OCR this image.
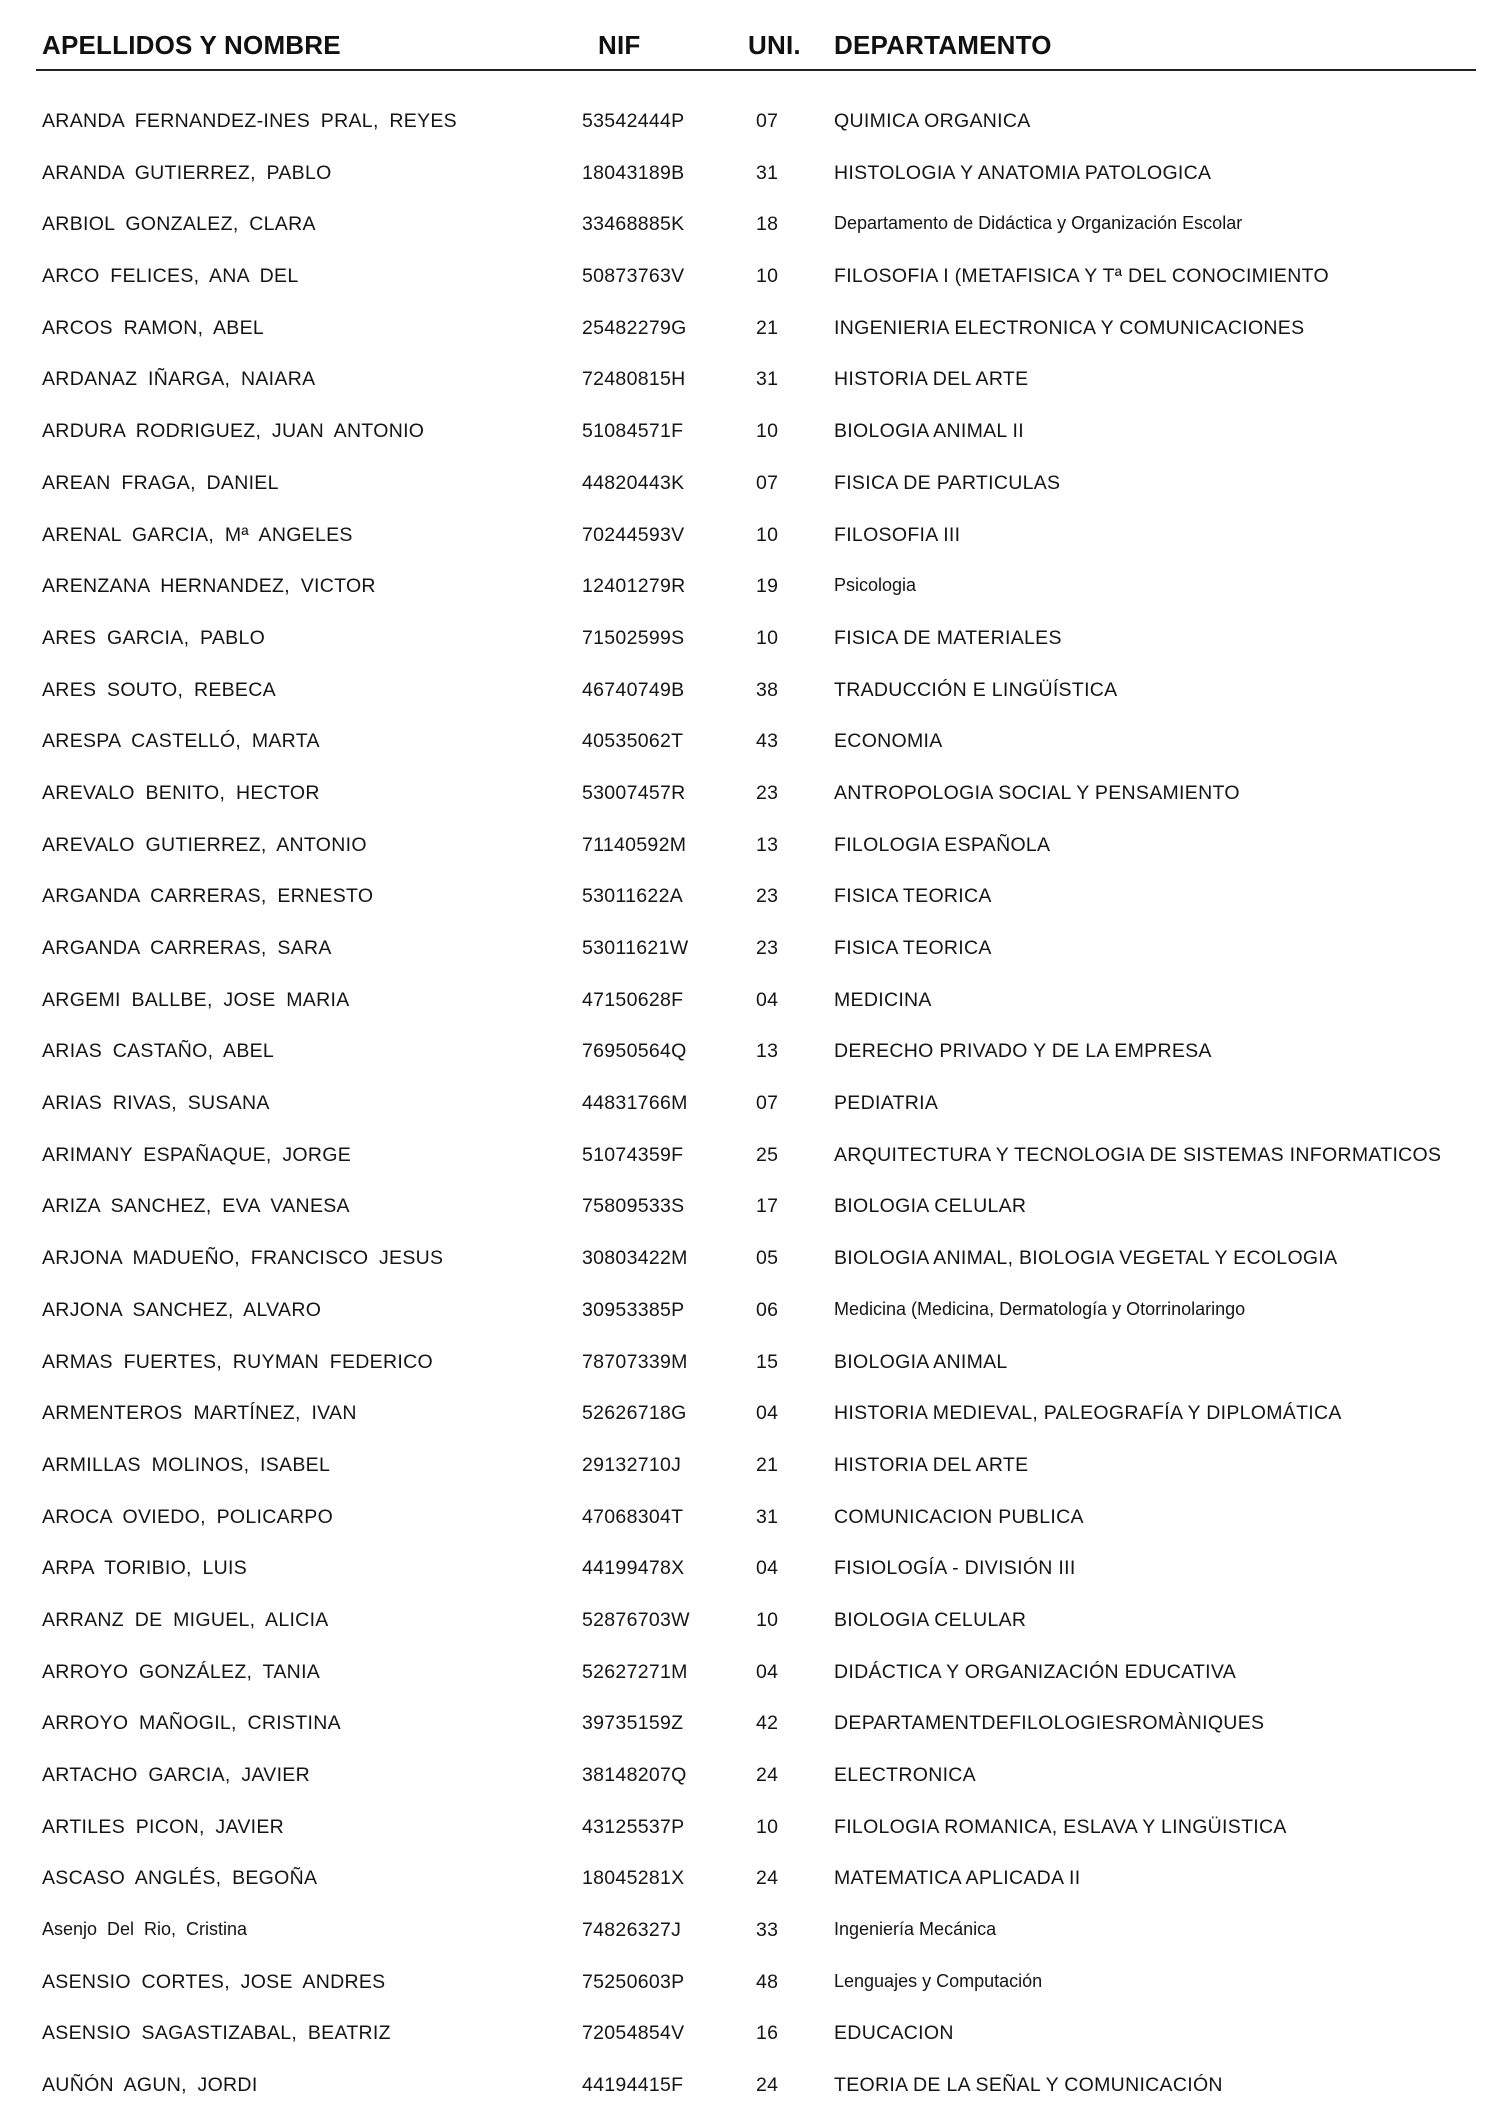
APELLIDOS Y NOMBRE	NIF	UNI. DEPARTAMENTO
ARANDA FERNANDEZ-INES PRAL, REYES	53542444P	07	QUIMICA ORGANICA
ARANDA GUTIERREZ, PABLO	18043189B	31	HISTOLOGIA Y ANATOMIA PATOLOGICA
ARBIOL GONZALEZ, CLARA	33468885K	18	Departamento de Didáctica y Organización Escolar
ARCO FELICES, ANA DEL	50873763V	10	FILOSOFIA I (METAFISICA Y Tª DEL CONOCIMIENTO
ARCOS RAMON, ABEL	25482279G	21	INGENIERIA ELECTRONICA Y COMUNICACIONES
ARDANAZ IÑARGA, NAIARA	72480815H	31	HISTORIA DEL ARTE
ARDURA RODRIGUEZ, JUAN ANTONIO	51084571F	10	BIOLOGIA ANIMAL II
AREAN FRAGA, DANIEL	44820443K	07	FISICA DE PARTICULAS
ARENAL GARCIA, Mª ANGELES	70244593V	10	FILOSOFIA III
ARENZANA HERNANDEZ, VICTOR	12401279R	19	Psicologia
ARES GARCIA, PABLO	71502599S	10	FISICA DE MATERIALES
ARES SOUTO, REBECA	46740749B	38	TRADUCCIÓN E LINGÜÍSTICA
ARESPA CASTELLÓ, MARTA	40535062T	43	ECONOMIA
AREVALO BENITO, HECTOR	53007457R	23	ANTROPOLOGIA SOCIAL Y PENSAMIENTO
AREVALO GUTIERREZ, ANTONIO	71140592M	13	FILOLOGIA ESPAÑOLA
ARGANDA CARRERAS, ERNESTO	53011622A	23	FISICA TEORICA
ARGANDA CARRERAS, SARA	53011621W	23	FISICA TEORICA
ARGEMI BALLBE, JOSE MARIA	47150628F	04	MEDICINA
ARIAS CASTAÑO, ABEL	76950564Q	13	DERECHO PRIVADO Y DE LA EMPRESA
ARIAS RIVAS, SUSANA	44831766M	07	PEDIATRIA
ARIMANY ESPAÑAQUE, JORGE	51074359F	25	ARQUITECTURA Y TECNOLOGIA DE SISTEMAS INFORMATICOS
ARIZA SANCHEZ, EVA VANESA	75809533S	17	BIOLOGIA CELULAR
ARJONA MADUEÑO, FRANCISCO JESUS	30803422M	05	BIOLOGIA ANIMAL, BIOLOGIA VEGETAL Y ECOLOGIA
ARJONA SANCHEZ, ALVARO	30953385P	06	Medicina (Medicina, Dermatología y Otorrinolaringo
ARMAS FUERTES, RUYMAN FEDERICO	78707339M	15	BIOLOGIA ANIMAL
ARMENTEROS MARTÍNEZ, IVAN	52626718G	04	HISTORIA MEDIEVAL, PALEOGRAFÍA Y DIPLOMÁTICA
ARMILLAS MOLINOS, ISABEL	29132710J	21	HISTORIA DEL ARTE
AROCA OVIEDO, POLICARPO	47068304T	31	COMUNICACION PUBLICA
ARPA TORIBIO, LUIS	44199478X	04	FISIOLOGÍA - DIVISIÓN III
ARRANZ DE MIGUEL, ALICIA	52876703W	10	BIOLOGIA CELULAR
ARROYO GONZÁLEZ, TANIA	52627271M	04	DIDÁCTICA Y ORGANIZACIÓN EDUCATIVA
ARROYO MAÑOGIL, CRISTINA	39735159Z	42	DEPARTAMENTDEFILOLOGIESROMÀNIQUES
ARTACHO GARCIA, JAVIER	38148207Q	24	ELECTRONICA
ARTILES PICON, JAVIER	43125537P	10	FILOLOGIA ROMANICA, ESLAVA Y LINGÜISTICA
ASCASO ANGLÉS, BEGOÑA	18045281X	24	MATEMATICA APLICADA II
Asenjo Del Rio, Cristina	74826327J	33	Ingeniería Mecánica
ASENSIO CORTES, JOSE ANDRES	75250603P	48	Lenguajes y Computación
ASENSIO SAGASTIZABAL, BEATRIZ	72054854V	16	EDUCACION
AUÑÓN AGUN, JORDI	44194415F	24	TEORIA DE LA SEÑAL Y COMUNICACIÓN
